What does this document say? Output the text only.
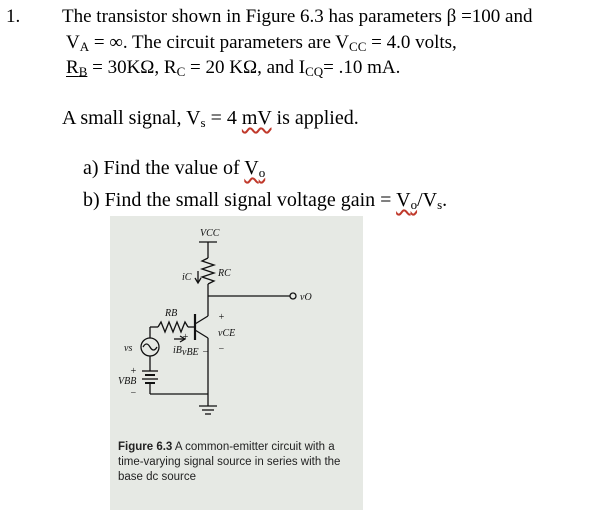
1. The transistor shown in Figure 6.3 has parameters β =100 and
$V_A$ = ∞. The circuit parameters are $V_{CC} = 4.0$ volts,
$R_B = 30K\Omega$, $R_C = 20$ KΩ, and $I_{CQ}= .10$ mA.
A small signal, $V_s = 4$ mV is applied.
a) Find the value of $V_o$
b) Find the small signal voltage gain = $V_o/V_s$.
VCC
iC	RC
vO
RB	+
vCE
−
iB
+
vBE −
vs
+
VBB
−
Figure 6.3 A common-emitter circuit with a time-varying signal source in series with the base dc source
